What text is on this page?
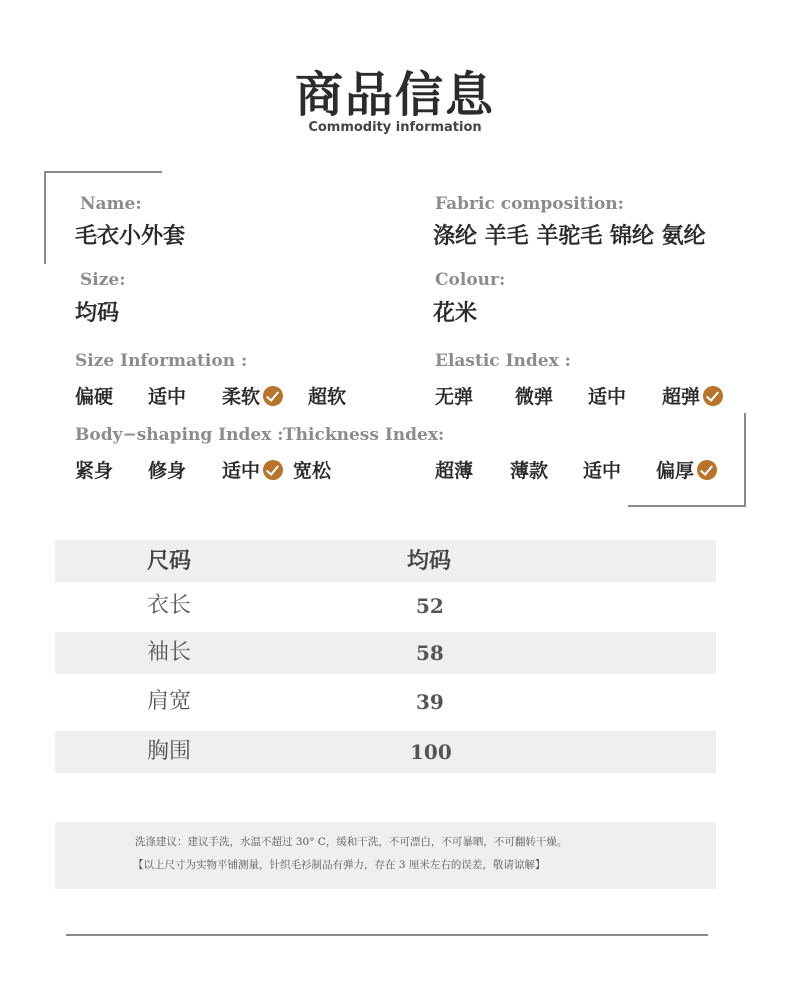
商品信息
Commodity information
Name:
毛衣小外套
Fabric composition:
涤纶 羊毛 羊驼毛 锦纶 氨纶
Size:
均码
Colour:
花米
Size Information :	Elastic Index :
偏硬 适中 柔软	超软	无弹 微弹 适中 超弹
Body−shaping Index : Thickness Index:
紧身 修身 适中 宽松	超薄 薄款 适中 偏厚
尺码	均码
衣长	52
袖长	58
肩宽	39
胸围	100
洗涤建议：建议手洗，水温不超过 30° C，缓和干洗，不可漂白，不可暴晒，不可翻转干燥。
【以上尺寸为实物平铺测量，针织毛衫制品有弹力，存在 3 厘米左右的误差，敬请谅解】
